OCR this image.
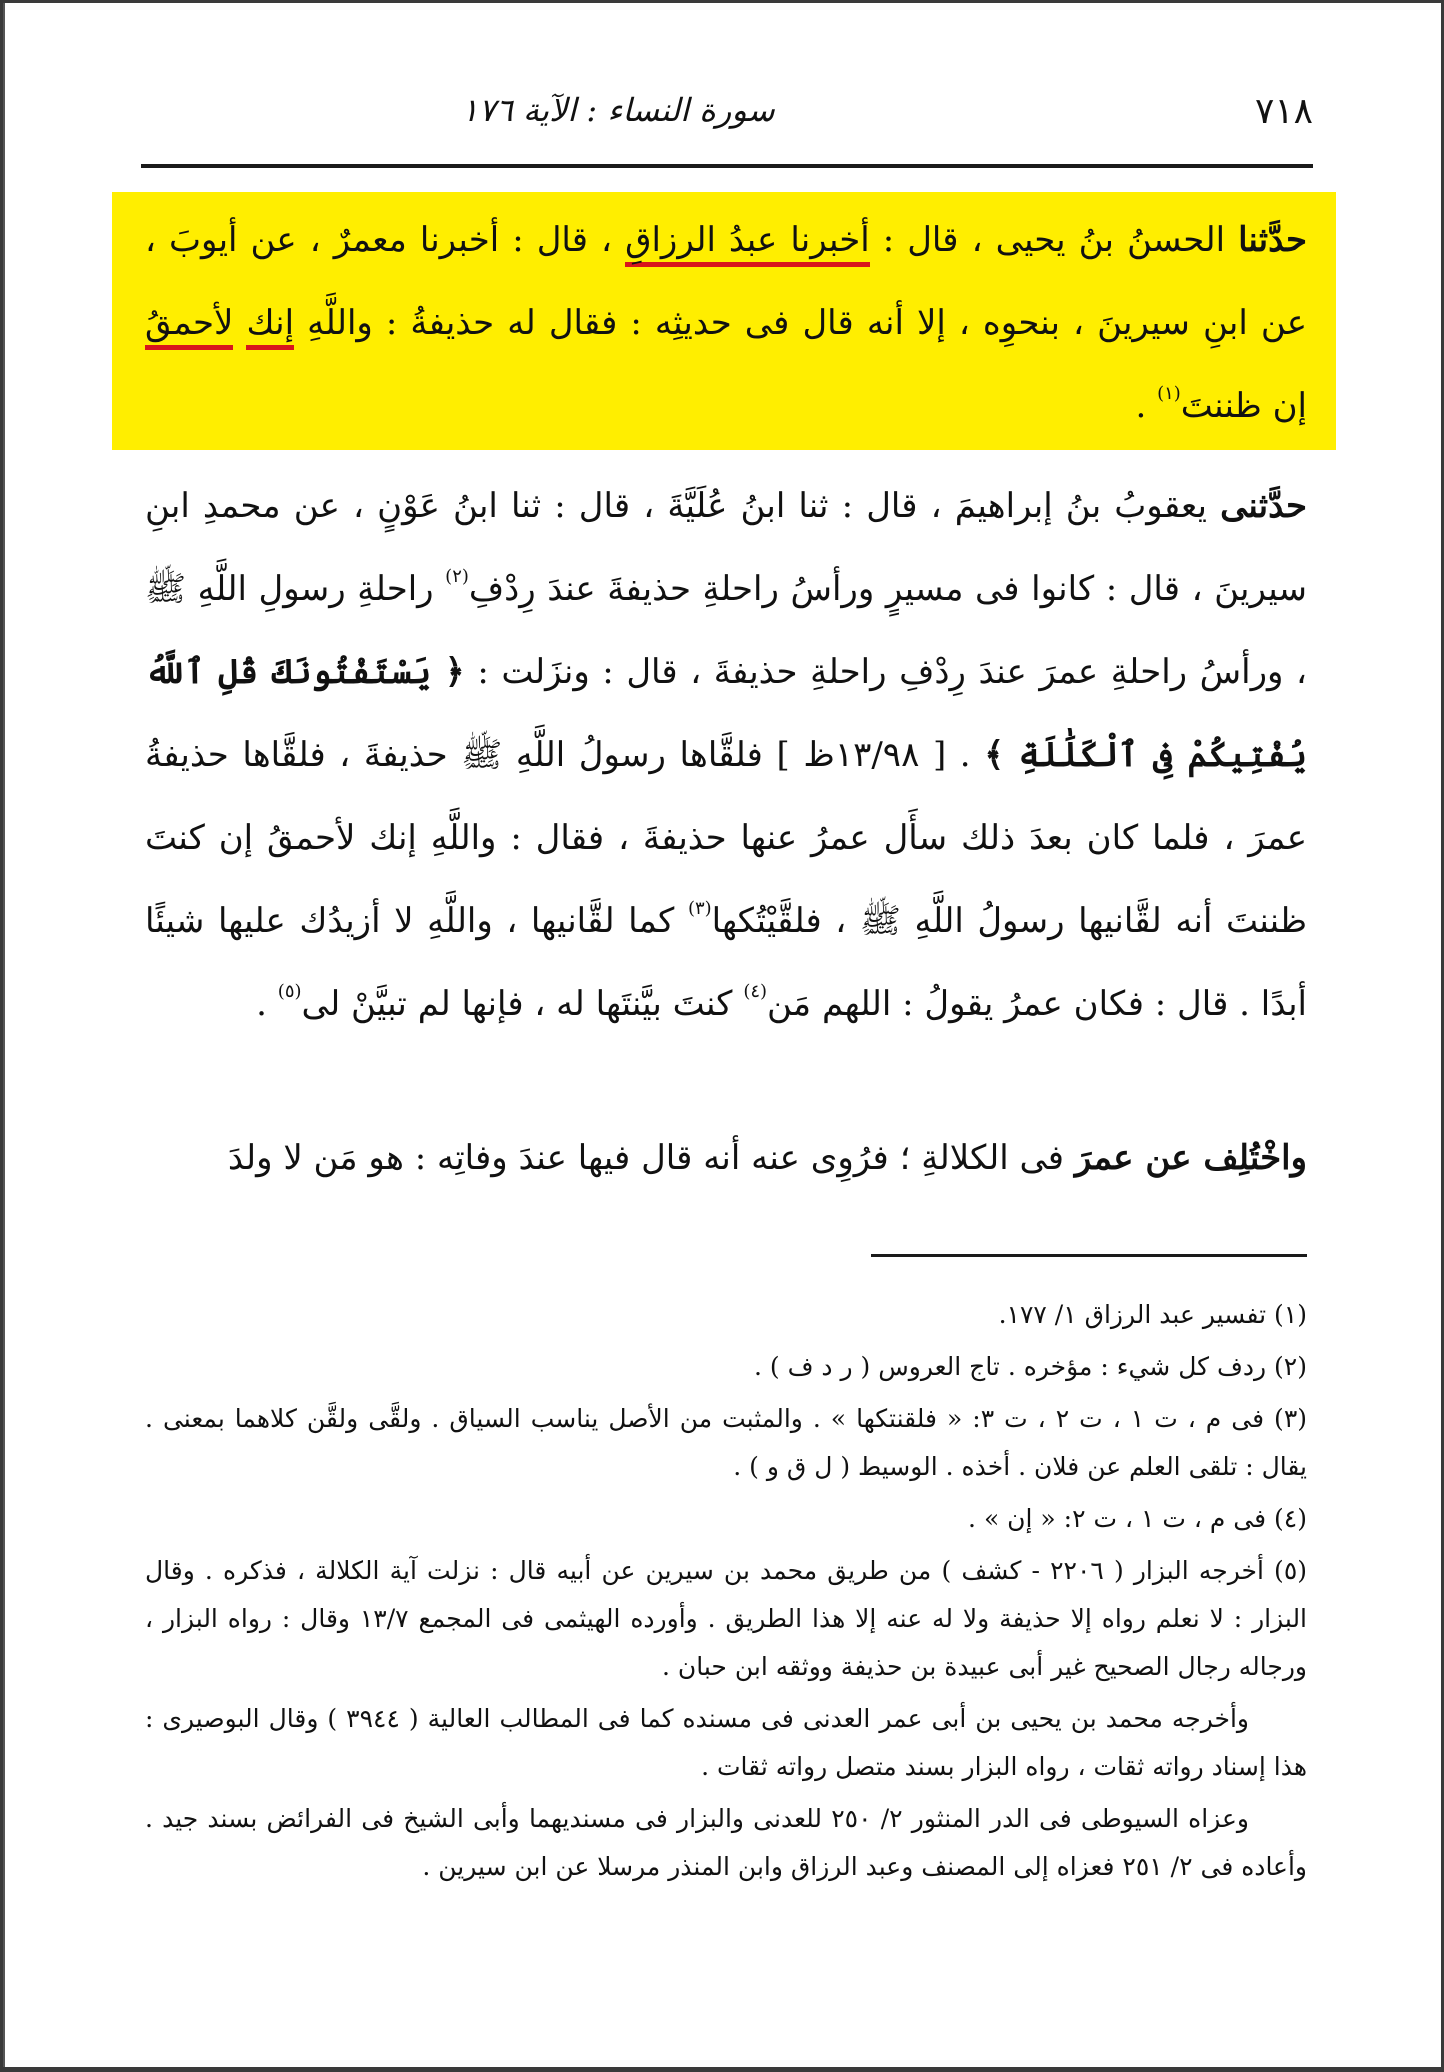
٧١٨
سورة النساء : الآية ١٧٦
حدَّثنا الحسنُ بنُ يحيى ، قال : أخبرنا عبدُ الرزاقِ ، قال : أخبرنا معمرٌ ، عن أيوبَ ، عن ابنِ سيرينَ ، بنحوِه ، إلا أنه قال فى حديثِه : فقال له حذيفةُ : واللَّهِ إنك لأحمقُ إن ظننتَ$^{(١)}$ .
حدَّثنى يعقوبُ بنُ إبراهيمَ ، قال : ثنا ابنُ عُلَيَّةَ ، قال : ثنا ابنُ عَوْنٍ ، عن محمدِ ابنِ سيرينَ ، قال : كانوا فى مسيرٍ ورأسُ راحلةِ حذيفةَ عندَ رِدْفِ$^{(٢)}$ راحلةِ رسولِ اللَّهِ ﷺ ، ورأسُ راحلةِ عمرَ عندَ رِدْفِ راحلةِ حذيفةَ ، قال : ونزَلت : ﴿ يَسْتَفْتُونَكَ قُلِ ٱللَّهُ يُفْتِيكُمْ فِى ٱلْكَلَٰلَةِ ﴾ . [ ١٣/٩٨ظ ] فلقَّاها رسولُ اللَّهِ ﷺ حذيفةَ ، فلقَّاها حذيفةُ عمرَ ، فلما كان بعدَ ذلك سأَل عمرُ عنها حذيفةَ ، فقال : واللَّهِ إنك لأحمقُ إن كنتَ ظننتَ أنه لقَّانيها رسولُ اللَّهِ ﷺ ، فلقَّيْتُكها$^{(٣)}$ كما لقَّانيها ، واللَّهِ لا أزيدُك عليها شيئًا أبدًا . قال : فكان عمرُ يقولُ : اللهم مَن$^{(٤)}$ كنتَ بيَّنتَها له ، فإنها لم تبيَّنْ لى$^{(٥)}$ .
واخْتُلِف عن عمرَ فى الكلالةِ ؛ فرُوِى عنه أنه قال فيها عندَ وفاتِه : هو مَن لا ولدَ

(١) تفسير عبد الرزاق ١/ ١٧٧.

(٢) ردف كل شيء : مؤخره . تاج العروس ( ر د ف ) .

(٣) فى م ، ت ١ ، ت ٢ ، ت ٣: « فلقنتكها » . والمثبت من الأصل يناسب السياق . ولقَّى ولقَّن كلاهما بمعنى . يقال : تلقى العلم عن فلان . أخذه . الوسيط ( ل ق و ) .

(٤) فى م ، ت ١ ، ت ٢: « إن » .

(٥) أخرجه البزار ( ٢٢٠٦ - كشف ) من طريق محمد بن سيرين عن أبيه قال : نزلت آية الكلالة ، فذكره . وقال البزار : لا نعلم رواه إلا حذيفة ولا له عنه إلا هذا الطريق . وأورده الهيثمى فى المجمع ١٣/٧ وقال : رواه البزار ، ورجاله رجال الصحيح غير أبى عبيدة بن حذيفة ووثقه ابن حبان .

وأخرجه محمد بن يحيى بن أبى عمر العدنى فى مسنده كما فى المطالب العالية ( ٣٩٤٤ ) وقال البوصيرى : هذا إسناد رواته ثقات ، رواه البزار بسند متصل رواته ثقات .

وعزاه السيوطى فى الدر المنثور ٢/ ٢٥٠ للعدنى والبزار فى مسنديهما وأبى الشيخ فى الفرائض بسند جيد . وأعاده فى ٢/ ٢٥١ فعزاه إلى المصنف وعبد الرزاق وابن المنذر مرسلا عن ابن سيرين .
